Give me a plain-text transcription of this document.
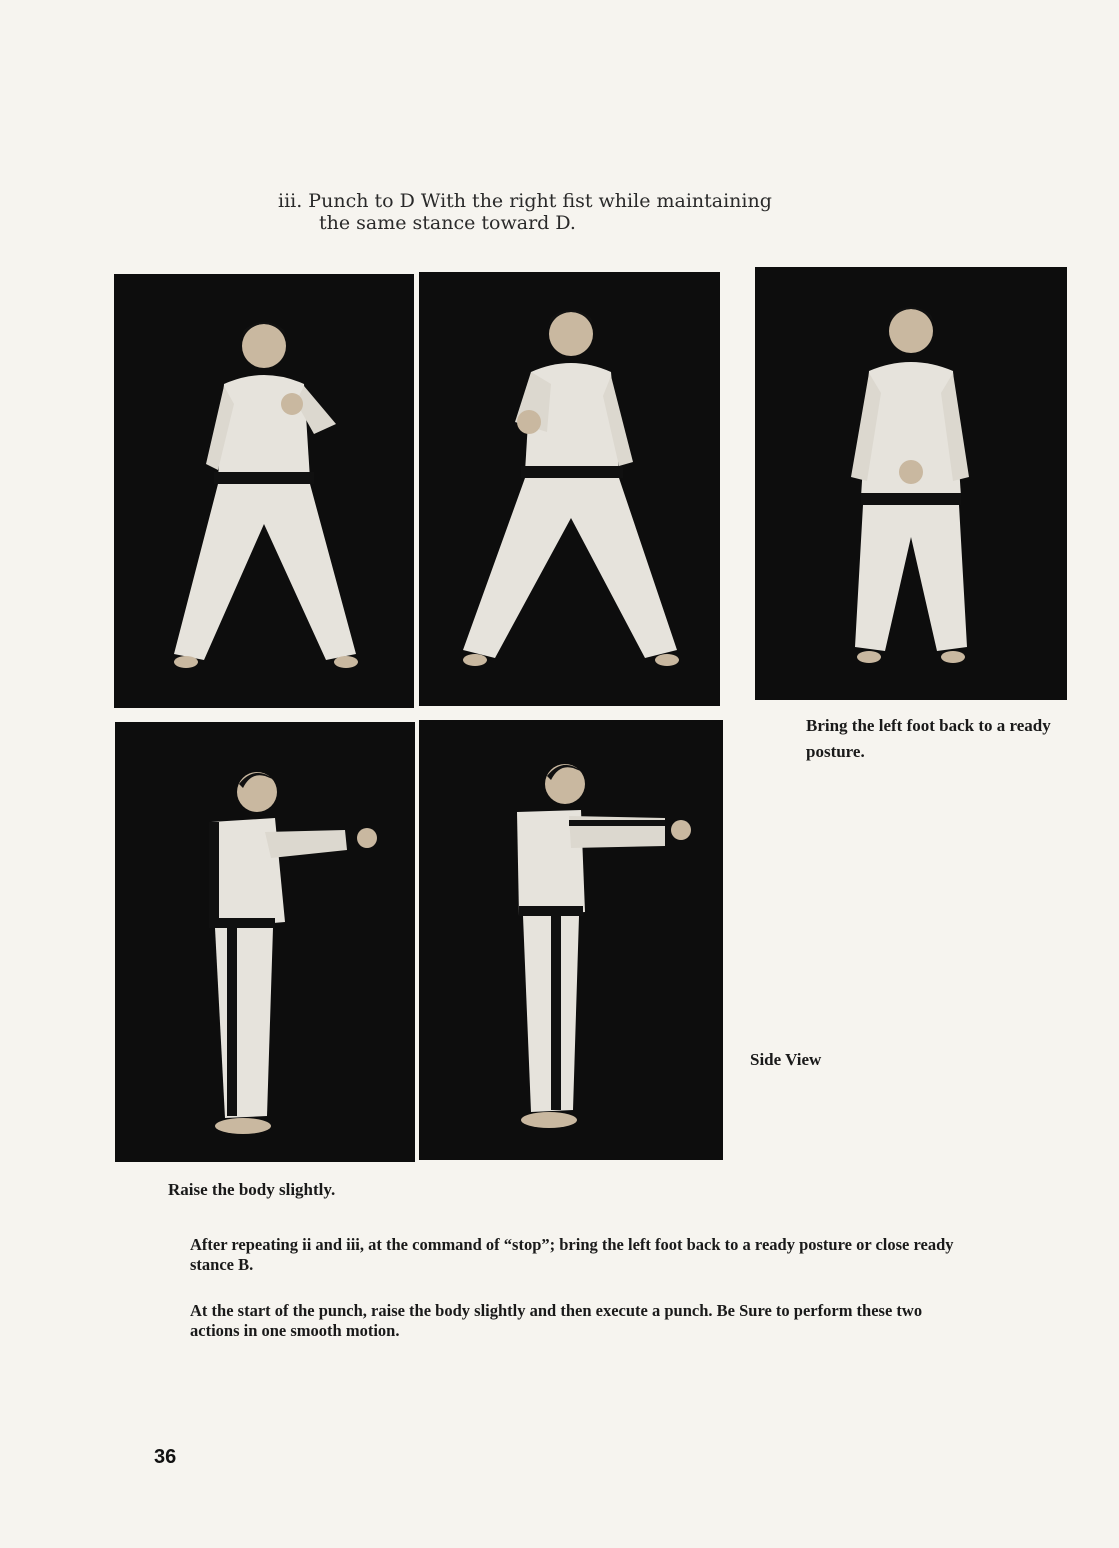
iii. Punch to D With the right fist while maintaining
the same stance toward D.

Bring the left foot back to a ready posture.

Side View

Raise the body slightly.

After repeating ii and iii, at the command of “stop”; bring the left foot back to a ready posture or close ready stance B.

At the start of the punch, raise the body slightly and then execute a punch. Be Sure to perform these two actions in one smooth motion.

36
